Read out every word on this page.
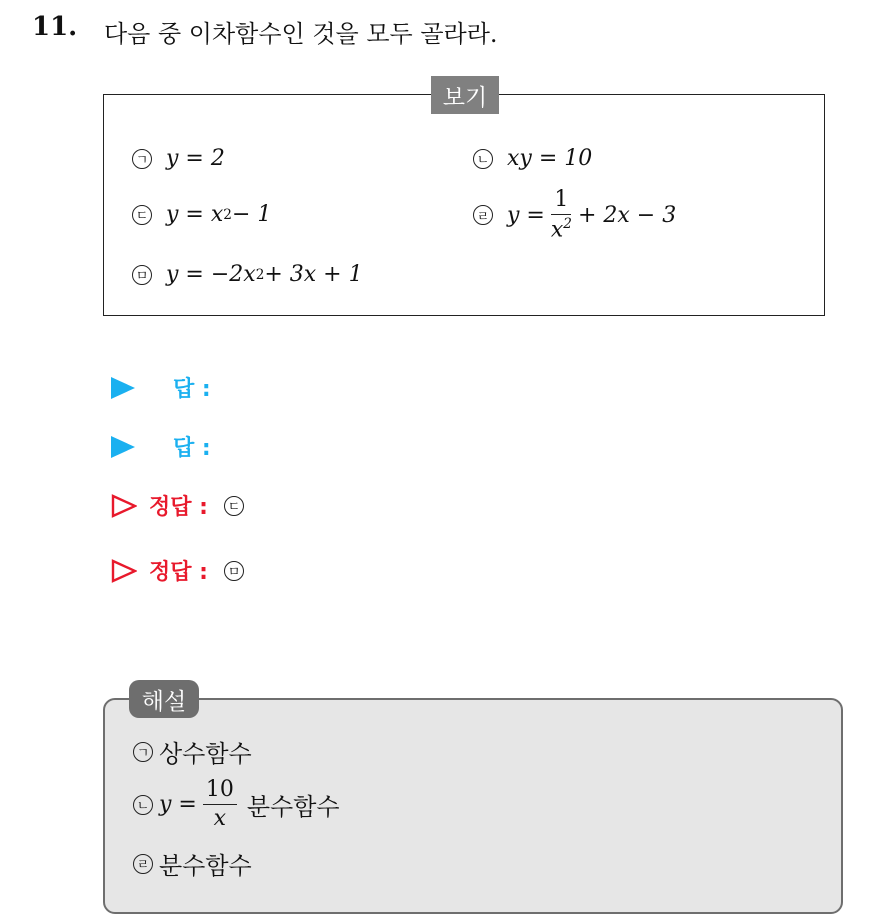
11. 다음 중 이차함수인 것을 모두 골라라.
보기
ㄱ y = 2	ㄴ xy = 10
ㄷ y = x 2 − 1	ㄹ $y = \frac{1}{x^2} + 2x - 3$
ㅁ y = −2x 2 + 3x + 1
답 :
답 :
정답 : ㄷ
정답 : ㅁ
해설
ㄱ 상수함수
ㄴ $y = \frac{10}{x}$ 분수함수
ㄹ 분수함수
